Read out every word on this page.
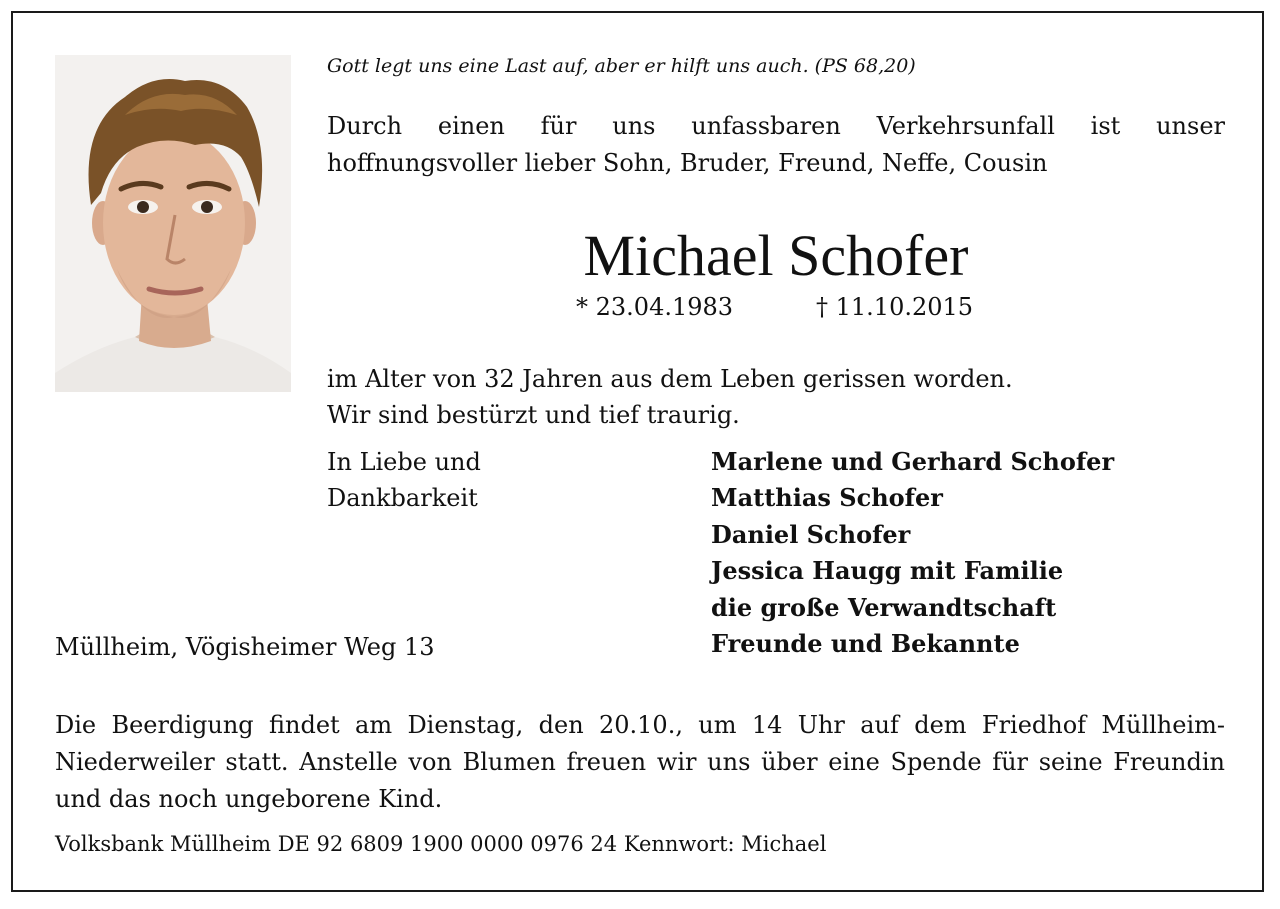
Gott legt uns eine Last auf, aber er hilft uns auch. (PS 68,20)
Durch einen für uns unfassbaren Verkehrsunfall ist unser hoffnungsvoller lieber Sohn, Bruder, Freund, Neffe, Cousin
Michael Schofer
* 23.04.1983	† 11.10.2015
im Alter von 32 Jahren aus dem Leben gerissen worden.
Wir sind bestürzt und tief traurig.
In Liebe und
Dankbarkeit
Marlene und Gerhard Schofer
Matthias Schofer
Daniel Schofer
Jessica Haugg mit Familie
die große Verwandtschaft
Freunde und Bekannte
Müllheim, Vögisheimer Weg 13
Die Beerdigung findet am Dienstag, den 20.10., um 14 Uhr auf dem Friedhof Müllheim-Niederweiler statt. Anstelle von Blumen freuen wir uns über eine Spende für seine Freundin und das noch ungeborene Kind.
Volksbank Müllheim DE 92 6809 1900 0000 0976 24 Kennwort: Michael
